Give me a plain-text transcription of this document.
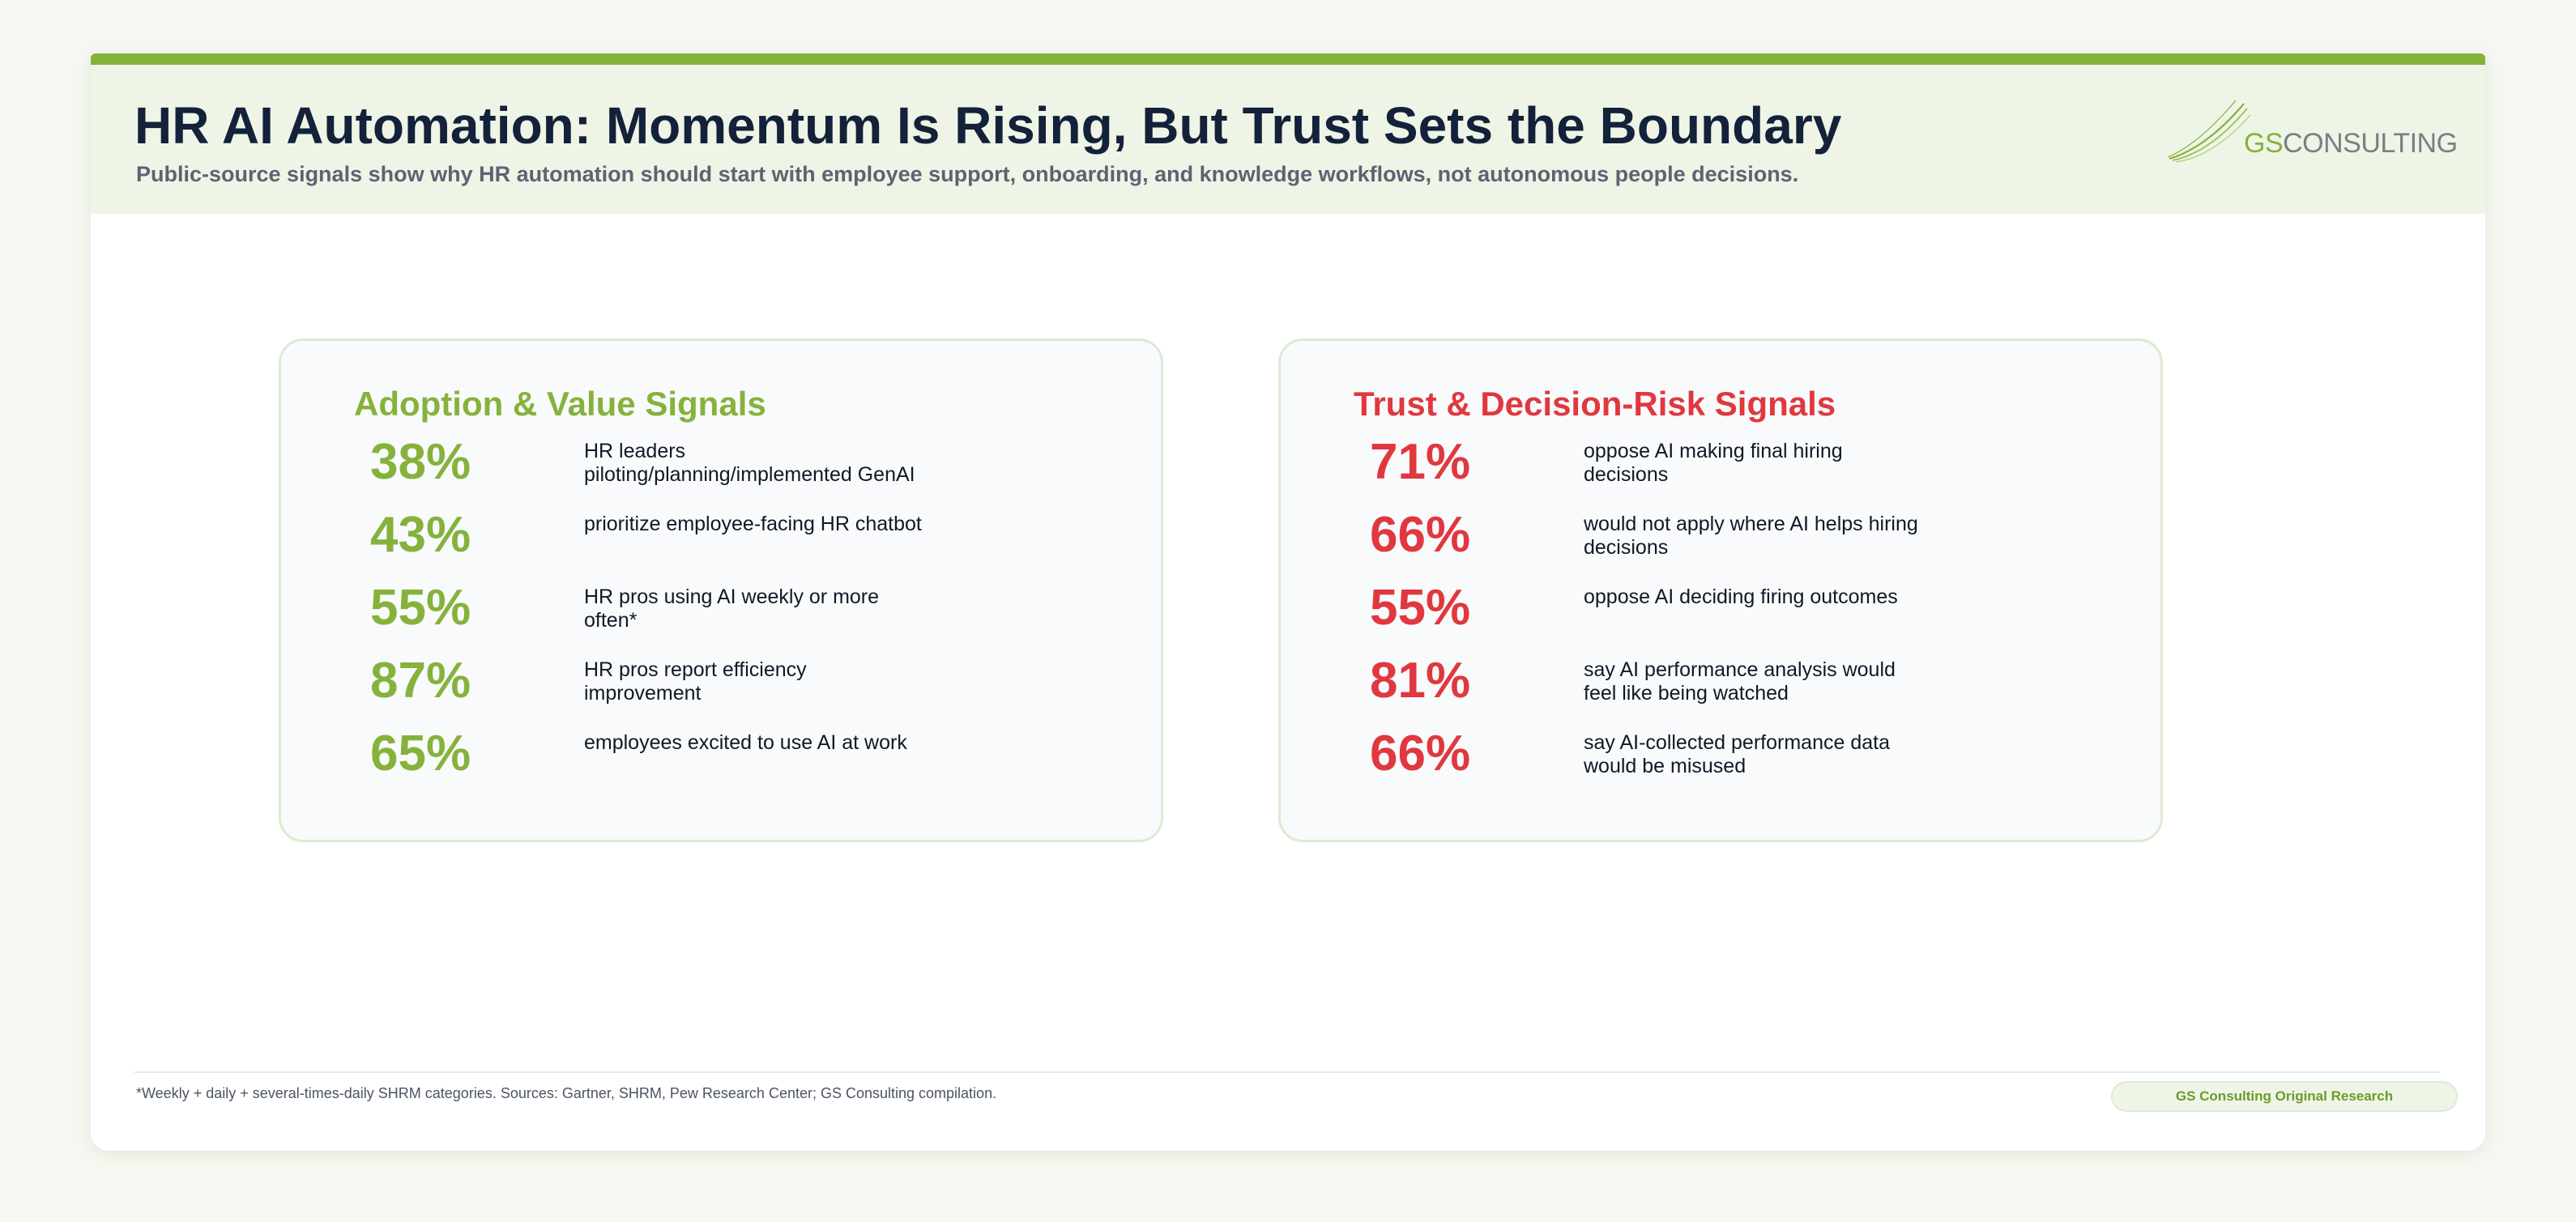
HR AI Automation: Momentum Is Rising, But Trust Sets the Boundary

Public-source signals show why HR automation should start with employee support, onboarding, and knowledge workflows, not autonomous people decisions.

GSCONSULTING
Adoption & Value Signals
38%	HR leaders piloting/planning/implemented GenAI
43%	prioritize employee-facing HR chatbot
55%	HR pros using AI weekly or more often*
87%	HR pros report efficiency improvement
65%	employees excited to use AI at work
Trust & Decision-Risk Signals
71%	oppose AI making final hiring decisions
66%	would not apply where AI helps hiring decisions
55%	oppose AI deciding firing outcomes
81%	say AI performance analysis would feel like being watched
66%	say AI-collected performance data would be misused

*Weekly + daily + several-times-daily SHRM categories. Sources: Gartner, SHRM, Pew Research Center; GS Consulting compilation.	GS Consulting Original Research
